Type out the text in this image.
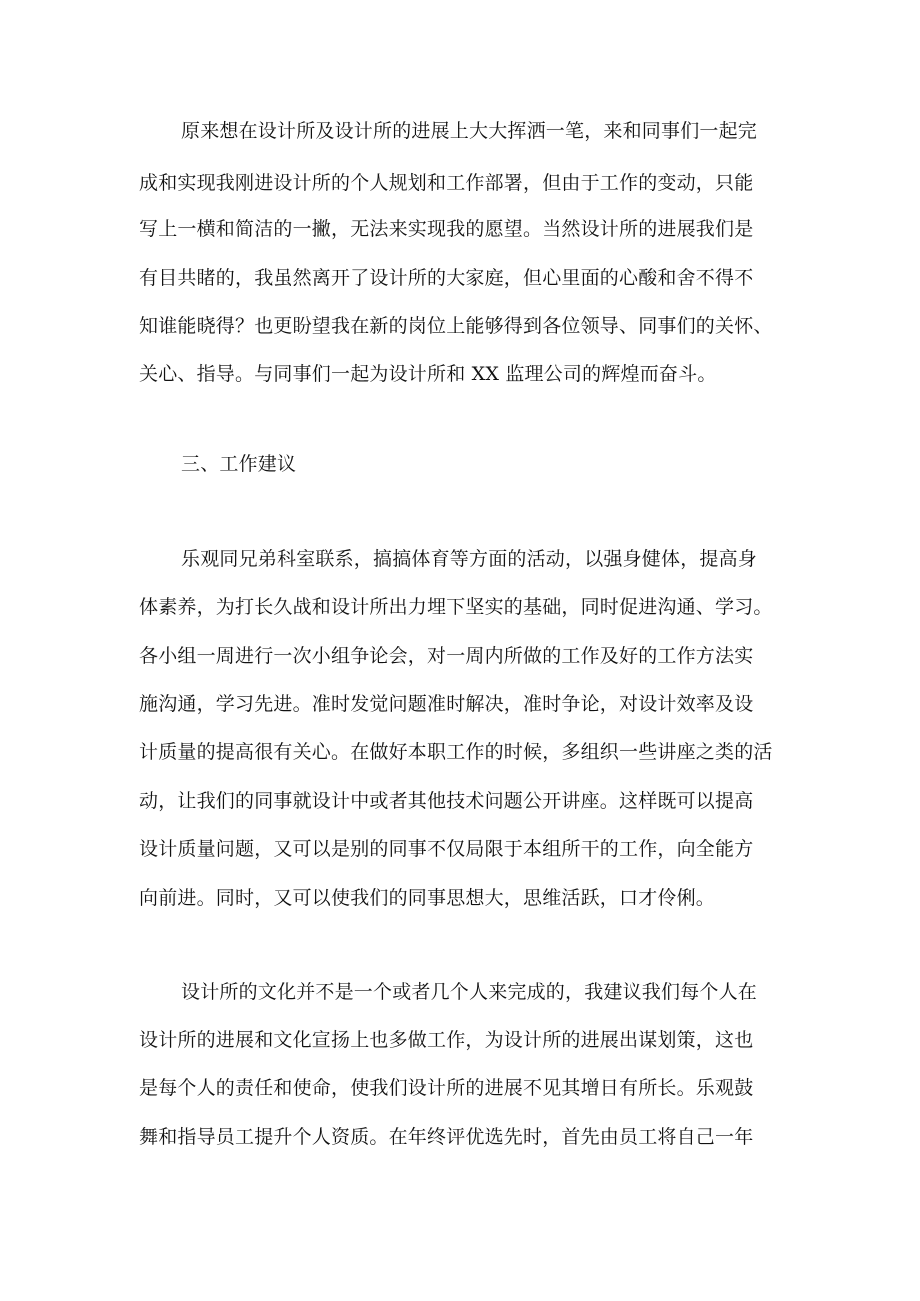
原来想在设计所及设计所的进展上大大挥洒一笔，来和同事们一起完
成和实现我刚进设计所的个人规划和工作部署，但由于工作的变动，只能
写上一横和简洁的一撇，无法来实现我的愿望。当然设计所的进展我们是
有目共睹的，我虽然离开了设计所的大家庭，但心里面的心酸和舍不得不
知谁能晓得？也更盼望我在新的岗位上能够得到各位领导、同事们的关怀、
关心、指导。与同事们一起为设计所和 XX 监理公司的辉煌而奋斗。
三、工作建议
乐观同兄弟科室联系，搞搞体育等方面的活动，以强身健体，提高身
体素养，为打长久战和设计所出力埋下坚实的基础，同时促进沟通、学习。
各小组一周进行一次小组争论会，对一周内所做的工作及好的工作方法实
施沟通，学习先进。准时发觉问题准时解决，准时争论，对设计效率及设
计质量的提高很有关心。在做好本职工作的时候，多组织一些讲座之类的活
动，让我们的同事就设计中或者其他技术问题公开讲座。这样既可以提高
设计质量问题，又可以是别的同事不仅局限于本组所干的工作，向全能方
向前进。同时，又可以使我们的同事思想大，思维活跃，口才伶俐。
设计所的文化并不是一个或者几个人来完成的，我建议我们每个人在
设计所的进展和文化宣扬上也多做工作，为设计所的进展出谋划策，这也
是每个人的责任和使命，使我们设计所的进展不见其增日有所长。乐观鼓
舞和指导员工提升个人资质。在年终评优选先时，首先由员工将自己一年
